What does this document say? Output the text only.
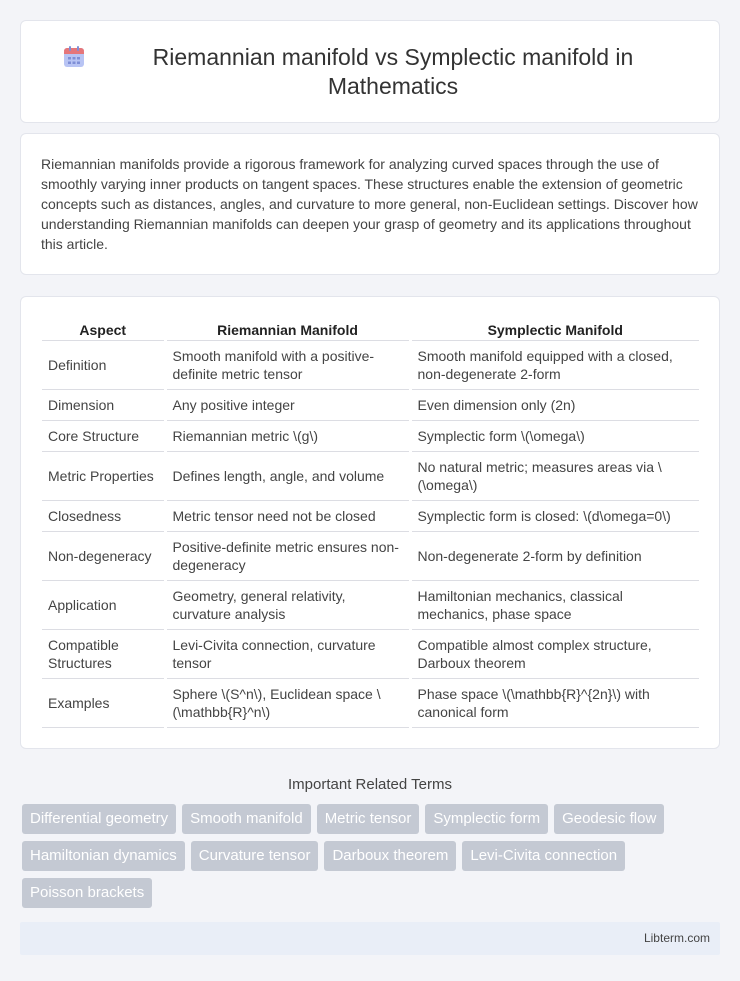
Riemannian manifold vs Symplectic manifold in Mathematics

Riemannian manifolds provide a rigorous framework for analyzing curved spaces through the use of smoothly varying inner products on tangent spaces. These structures enable the extension of geometric concepts such as distances, angles, and curvature to more general, non-Euclidean settings. Discover how understanding Riemannian manifolds can deepen your grasp of geometry and its applications throughout this article.

Aspect	Riemannian Manifold	Symplectic Manifold
Definition	Smooth manifold with a positive-definite metric tensor	Smooth manifold equipped with a closed, non-degenerate 2-form
Dimension	Any positive integer	Even dimension only (2n)
Core Structure	Riemannian metric \(g\)	Symplectic form \(\omega\)
Metric Properties	Defines length, angle, and volume	No natural metric; measures areas via \(\omega\)
Closedness	Metric tensor need not be closed	Symplectic form is closed: \(d\omega=0\)
Non-degeneracy	Positive-definite metric ensures non-degeneracy	Non-degenerate 2-form by definition
Application	Geometry, general relativity, curvature analysis	Hamiltonian mechanics, classical mechanics, phase space
Compatible Structures	Levi-Civita connection, curvature tensor	Compatible almost complex structure, Darboux theorem
Examples	Sphere \(S^n\), Euclidean space \(\mathbb{R}^n\)	Phase space \(\mathbb{R}^{2n}\) with canonical form
Important Related Terms
Differential geometry	Smooth manifold	Metric tensor	Symplectic form	Geodesic flow
Hamiltonian dynamics	Curvature tensor	Darboux theorem	Levi-Civita connection
Poisson brackets
Libterm.com
